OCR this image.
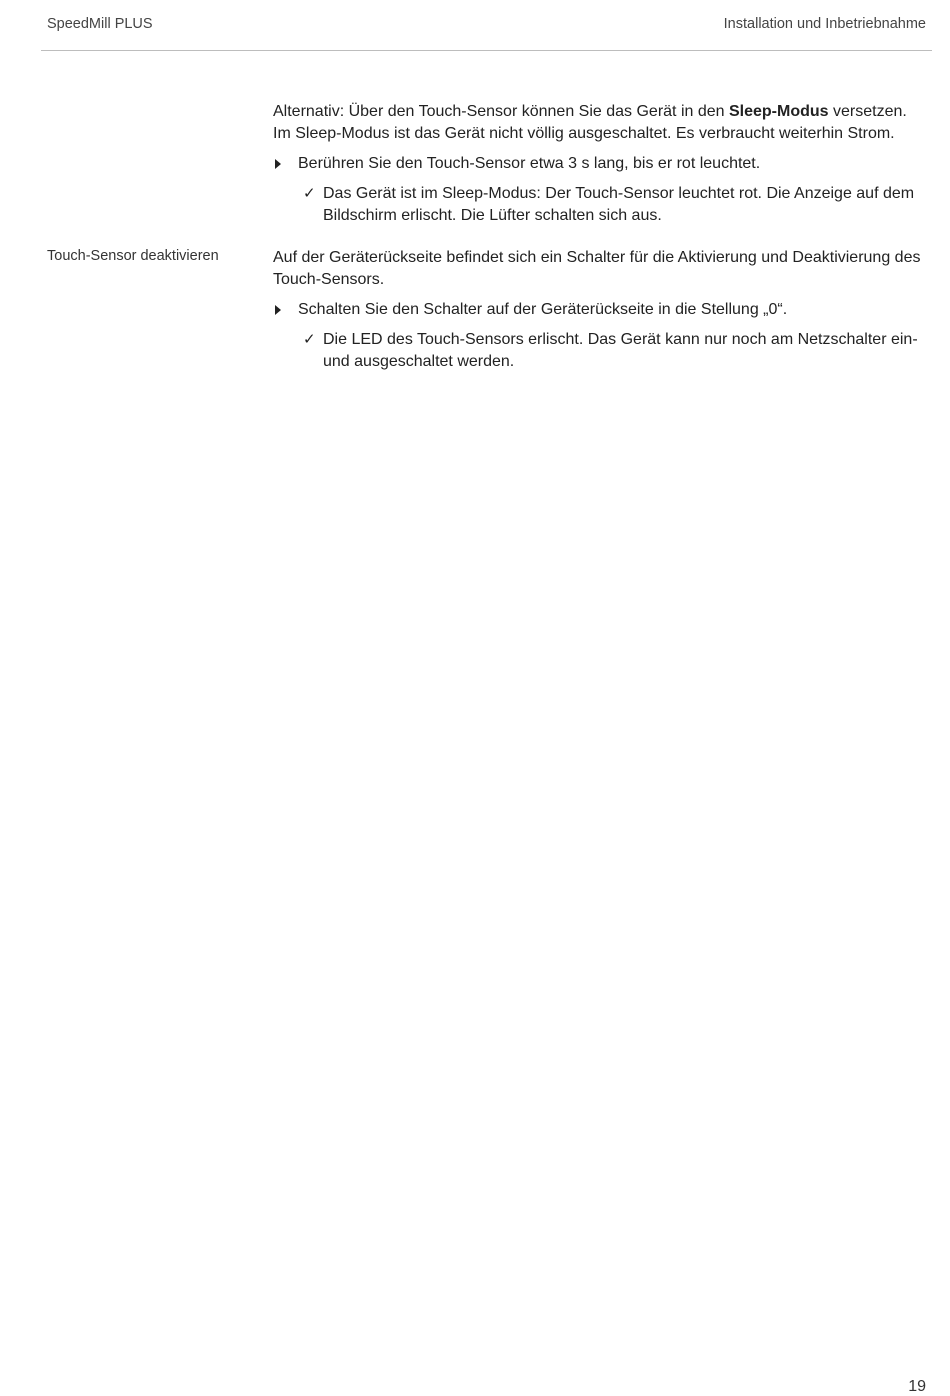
SpeedMill PLUS	Installation und Inbetriebnahme

Alternativ: Über den Touch-Sensor können Sie das Gerät in den Sleep-Modus versetzen. Im Sleep-Modus ist das Gerät nicht völlig ausgeschaltet. Es verbraucht weiterhin Strom.

Berühren Sie den Touch-Sensor etwa 3 s lang, bis er rot leuchtet.
✓ Das Gerät ist im Sleep-Modus: Der Touch-Sensor leuchtet rot. Die Anzeige auf dem Bildschirm erlischt. Die Lüfter schalten sich aus.
Touch-Sensor deaktivieren	Auf der Geräterückseite befindet sich ein Schalter für die Aktivierung und Deaktivierung des Touch-Sensors.

Schalten Sie den Schalter auf der Geräterückseite in die Stellung „0“.
✓ Die LED des Touch-Sensors erlischt. Das Gerät kann nur noch am Netzschalter ein- und ausgeschaltet werden.
19
